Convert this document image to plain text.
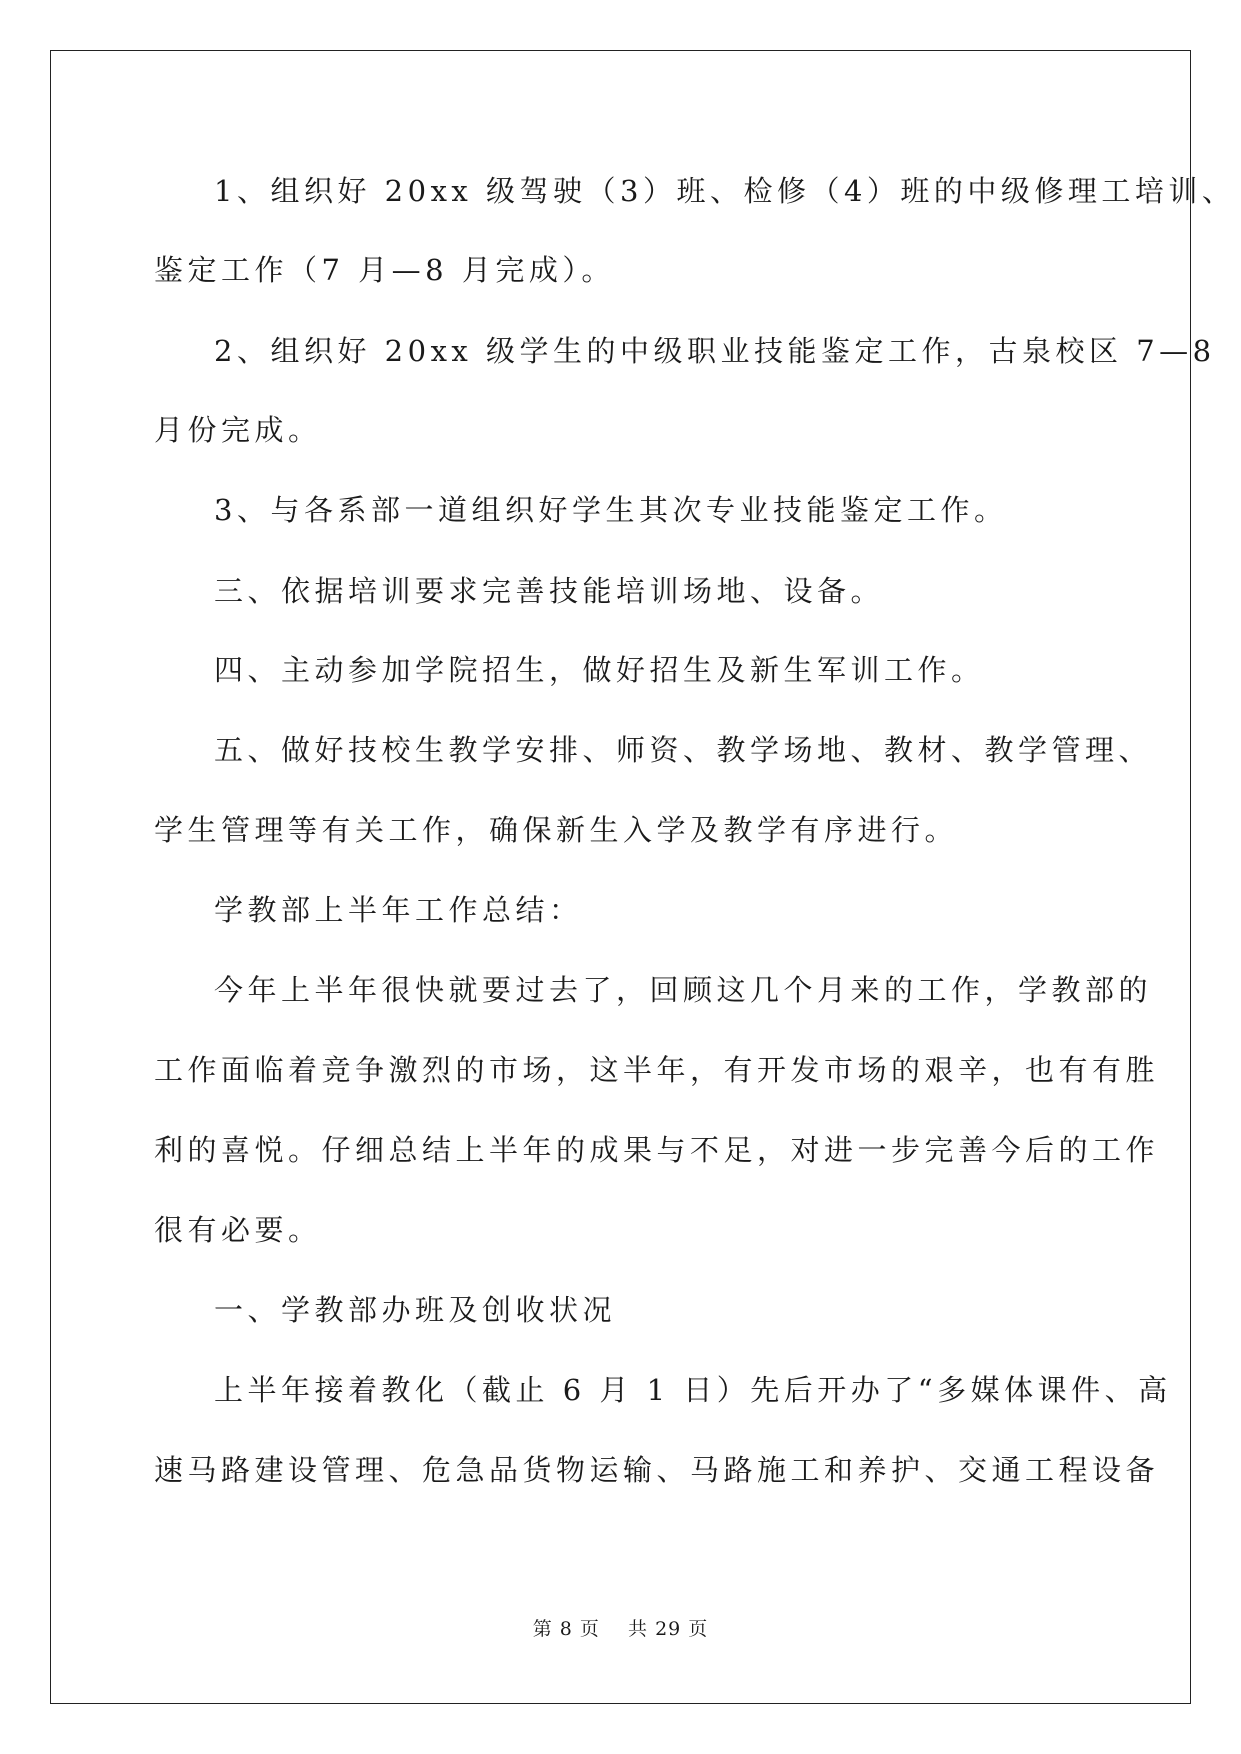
1、组织好 20xx 级驾驶（3）班、检修（4）班的中级修理工培训、
鉴定工作（7 月—8 月完成）。
2、组织好 20xx 级学生的中级职业技能鉴定工作，古泉校区 7—8
月份完成。
3、与各系部一道组织好学生其次专业技能鉴定工作。
三、依据培训要求完善技能培训场地、设备。
四、主动参加学院招生，做好招生及新生军训工作。
五、做好技校生教学安排、师资、教学场地、教材、教学管理、
学生管理等有关工作，确保新生入学及教学有序进行。
学教部上半年工作总结：
今年上半年很快就要过去了，回顾这几个月来的工作，学教部的
工作面临着竞争激烈的市场，这半年，有开发市场的艰辛，也有有胜
利的喜悦。仔细总结上半年的成果与不足，对进一步完善今后的工作
很有必要。
一、学教部办班及创收状况
上半年接着教化（截止 6 月 1 日）先后开办了“多媒体课件、高
速马路建设管理、危急品货物运输、马路施工和养护、交通工程设备
第 8 页    共 29 页
